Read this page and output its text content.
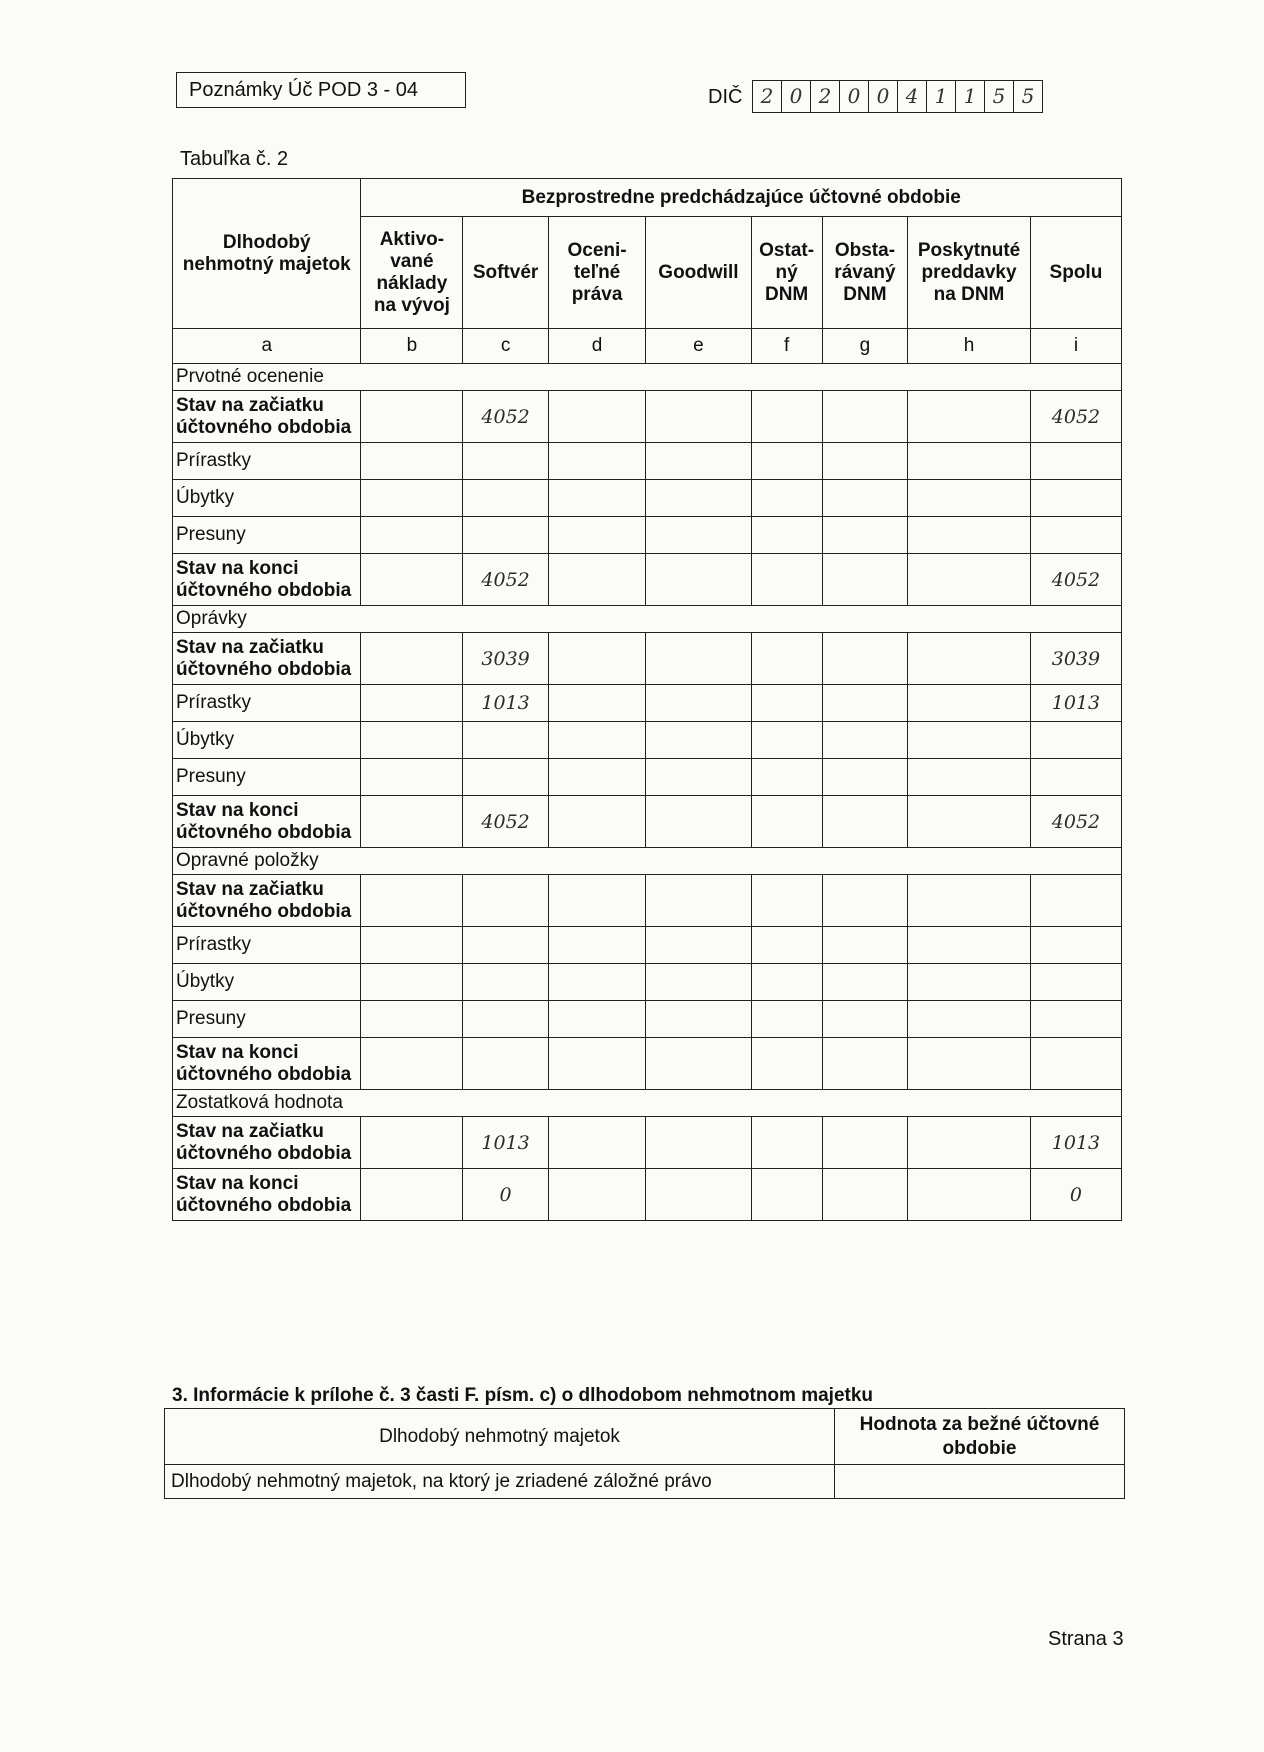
Poznámky Úč POD 3 - 04	DIČ 2 0 2 0 0 4 1 1 5 5
Tabuľka č. 2
Dlhodobý nehmotný majetok	Bezprostredne predchádzajúce účtovné obdobie							
	Aktivo-vané náklady na vývoj	Softvér	Oceni-teľné práva	Goodwill	Ostat-ný DNM	Obsta-rávaný DNM	Poskytnuté preddavky na DNM	Spolu
a	b	c	d	e	f	g	h	i
Prvotné ocenenie								
Stav na začiatku účtovného obdobia		4052						4052
Prírastky								
Úbytky								
Presuny								
Stav na konci účtovného obdobia		4052						4052
Oprávky								
Stav na začiatku účtovného obdobia		3039						3039
Prírastky		1013						1013
Úbytky								
Presuny								
Stav na konci účtovného obdobia		4052						4052
Opravné položky								
Stav na začiatku účtovného obdobia								
Prírastky								
Úbytky								
Presuny								
Stav na konci účtovného obdobia								
Zostatková hodnota								
Stav na začiatku účtovného obdobia		1013						1013
Stav na konci účtovného obdobia		0						0
3. Informácie k prílohe č. 3 časti F. písm. c) o dlhodobom nehmotnom majetku
Dlhodobý nehmotný majetok	Hodnota za bežné účtovné obdobie
Dlhodobý nehmotný majetok, na ktorý je zriadené záložné právo	
Strana 3
